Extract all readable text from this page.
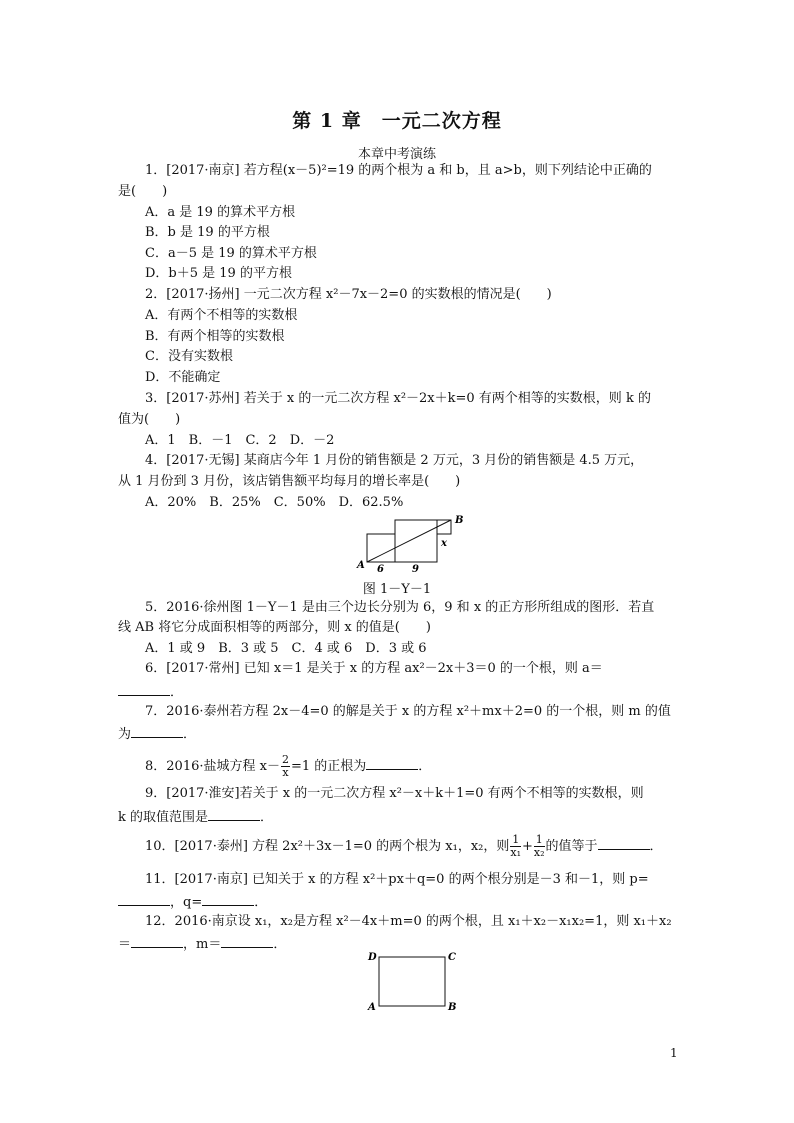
第 1 章　一元二次方程
本章中考演练
1．[2017·南京] 若方程(x－5)²=19 的两个根为 a 和 b，且 a>b，则下列结论中正确的
是(　　)
A．a 是 19 的算术平方根
B．b 是 19 的平方根
C．a－5 是 19 的算术平方根
D．b＋5 是 19 的平方根
2．[2017·扬州] 一元二次方程 x²－7x－2=0 的实数根的情况是(　　)
A．有两个不相等的实数根
B．有两个相等的实数根
C．没有实数根
D．不能确定
3．[2017·苏州] 若关于 x 的一元二次方程 x²－2x＋k=0 有两个相等的实数根，则 k 的
值为(　　)
A．1　B．－1　C．2　D．－2
4．[2017·无锡] 某商店今年 1 月份的销售额是 2 万元，3 月份的销售额是 4.5 万元，
从 1 月份到 3 月份，该店销售额平均每月的增长率是(　　)
A．20%　B．25%　C．50%　D．62.5%
A
B
6	9
x
图 1－Y－1
5．2016·徐州图 1－Y－1 是由三个边长分别为 6，9 和 x 的正方形所组成的图形．若直
线 AB 将它分成面积相等的两部分，则 x 的值是(　　)
A．1 或 9　B．3 或 5　C．4 或 6　D．3 或 6
6．[2017·常州] 已知 x＝1 是关于 x 的方程 ax²－2x＋3＝0 的一个根，则 a＝
．
7．2016·泰州若方程 2x－4=0 的解是关于 x 的方程 x²＋mx＋2=0 的一个根，则 m 的值
为	．
8．2016·盐城方程 $x- \frac{2}{x} =1$ 的正根为	．
9．[2017·淮安]若关于 x 的一元二次方程 x²－x＋k＋1=0 有两个不相等的实数根，则
k 的取值范围是	．
10．[2017·泰州] 方程 2x²＋3x－1=0 的两个根为 x₁，x₂，则 $\frac{1}{\text{x₁}} + \frac{1}{\text{x₂}}$ 的值等于	．
11．[2017·南京] 已知关于 x 的方程 x²＋px＋q=0 的两个根分别是－3 和－1，则 p=
，q=	．
12．2016·南京设 x₁，x₂是方程 x²－4x＋m=0 的两个根，且 x₁＋x₂－x₁x₂=1，则 x₁＋x₂
＝	，m＝	．
D	C
A	B
1
